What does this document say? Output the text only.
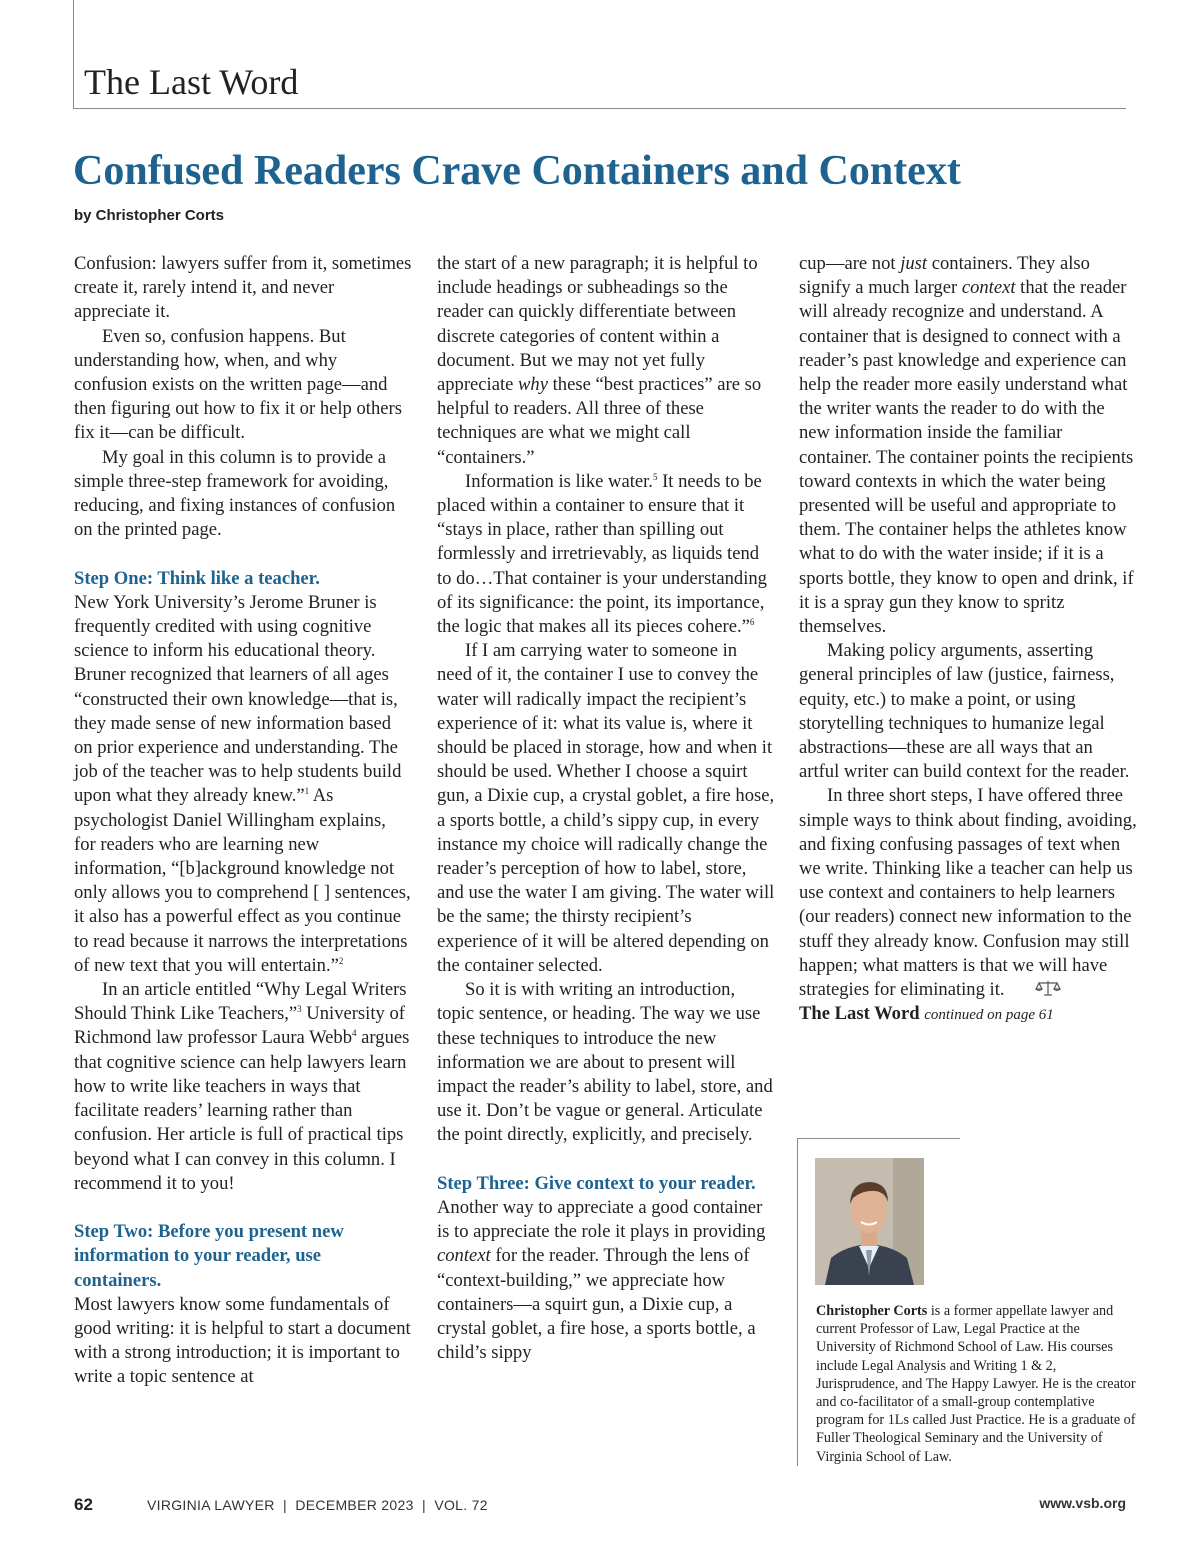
The Last Word
Confused Readers Crave Containers and Context
by Christopher Corts

Confusion: lawyers suffer from it, sometimes create it, rarely intend it, and never appreciate it.

Even so, confusion happens. But understanding how, when, and why confusion exists on the written page—and then figuring out how to fix it or help others fix it—can be difficult.

My goal in this column is to provide a simple three-step framework for avoiding, reducing, and fixing instances of confusion on the printed page.

Step One: Think like a teacher.

New York University’s Jerome Bruner is frequently credited with using cognitive science to inform his educational theory. Bruner recognized that learners of all ages “constructed their own knowledge—that is, they made sense of new information based on prior experience and understanding. The job of the teacher was to help students build upon what they already knew.”$^1$ As psychologist Daniel Willingham explains, for readers who are learning new information, “[b]ackground knowledge not only allows you to comprehend [ ] sentences, it also has a powerful effect as you continue to read because it narrows the interpretations of new text that you will entertain.”$^2$

In an article entitled “Why Legal Writers Should Think Like Teachers,”$^3$ University of Richmond law professor Laura Webb$^4$ argues that cognitive science can help lawyers learn how to write like teachers in ways that facilitate readers’ learning rather than confusion. Her article is full of practical tips beyond what I can convey in this column. I recommend it to you!

Step Two: Before you present new information to your reader, use containers.

Most lawyers know some fundamentals of good writing: it is helpful to start a document with a strong introduction; it is important to write a topic sentence at

the start of a new paragraph; it is helpful to include headings or subheadings so the reader can quickly differentiate between discrete categories of content within a document. But we may not yet fully appreciate why these “best practices” are so helpful to readers. All three of these techniques are what we might call “containers.”

Information is like water.$^5$ It needs to be placed within a container to ensure that it “stays in place, rather than spilling out formlessly and irretrievably, as liquids tend to do…That container is your understanding of its significance: the point, its importance, the logic that makes all its pieces cohere.”$^6$

If I am carrying water to someone in need of it, the container I use to convey the water will radically impact the recipient’s experience of it: what its value is, where it should be placed in storage, how and when it should be used. Whether I choose a squirt gun, a Dixie cup, a crystal goblet, a fire hose, a sports bottle, a child’s sippy cup, in every instance my choice will radically change the reader’s perception of how to label, store, and use the water I am giving. The water will be the same; the thirsty recipient’s experience of it will be altered depending on the container selected.

So it is with writing an introduction, topic sentence, or heading. The way we use these techniques to introduce the new information we are about to present will impact the reader’s ability to label, store, and use it. Don’t be vague or general. Articulate the point directly, explicitly, and precisely.

Step Three: Give context to your reader.

Another way to appreciate a good container is to appreciate the role it plays in providing context for the reader. Through the lens of “context-building,” we appreciate how containers—a squirt gun, a Dixie cup, a crystal goblet, a fire hose, a sports bottle, a child’s sippy

cup—are not just containers. They also signify a much larger context that the reader will already recognize and understand. A container that is designed to connect with a reader’s past knowledge and experience can help the reader more easily understand what the writer wants the reader to do with the new information inside the familiar container. The container points the recipients toward contexts in which the water being presented will be useful and appropriate to them. The container helps the athletes know what to do with the water inside; if it is a sports bottle, they know to open and drink, if it is a spray gun they know to spritz themselves.

Making policy arguments, asserting general principles of law (justice, fairness, equity, etc.) to make a point, or using storytelling techniques to humanize legal abstractions—these are all ways that an artful writer can build context for the reader.

In three short steps, I have offered three simple ways to think about finding, avoiding, and fixing confusing passages of text when we write. Thinking like a teacher can help us use context and containers to help learners (our readers) connect new information to the stuff they already know. Confusion may still happen; what matters is that we will have strategies for eliminating it.

The Last Word continued on page 61

Christopher Corts is a former appellate lawyer and current Professor of Law, Legal Practice at the University of Richmond School of Law. His courses include Legal Analysis and Writing 1 & 2, Jurisprudence, and The Happy Lawyer. He is the creator and co-facilitator of a small-group contemplative program for 1Ls called Just Practice. He is a graduate of Fuller Theological Seminary and the University of Virginia School of Law.
62	VIRGINIA LAWYER  |  DECEMBER 2023  |  VOL. 72	www.vsb.org
